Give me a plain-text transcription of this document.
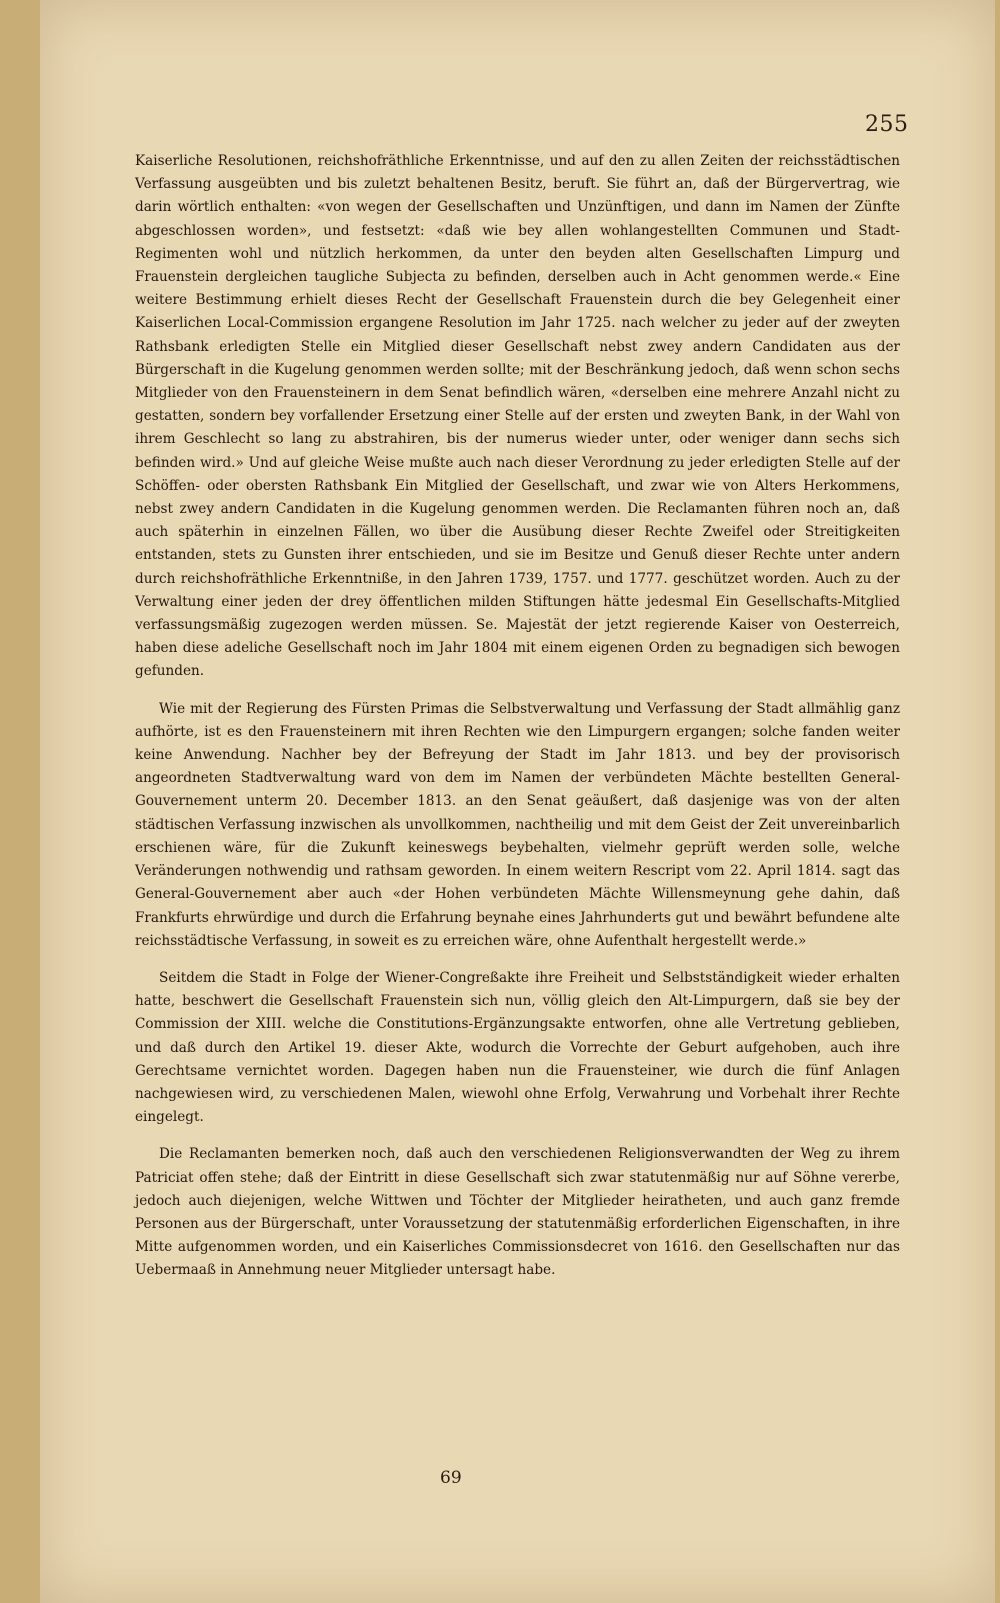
255

Kaiserliche Resolutionen, reichshofräthliche Erkenntnisse, und auf den zu allen Zeiten der reichsstädtischen Verfassung ausgeübten und bis zuletzt behaltenen Besitz, beruft. Sie führt an, daß der Bürgervertrag, wie darin wörtlich enthalten: «von wegen der Gesellschaften und Unzünftigen, und dann im Namen der Zünfte abgeschlossen worden», und festsetzt: «daß wie bey allen wohlangestellten Communen und Stadt-Regimenten wohl und nützlich herkommen, da unter den beyden alten Gesellschaften Limpurg und Frauenstein dergleichen taugliche Subjecta zu befinden, derselben auch in Acht genommen werde.« Eine weitere Bestimmung erhielt dieses Recht der Gesellschaft Frauenstein durch die bey Gelegenheit einer Kaiserlichen Local-Commission ergangene Resolution im Jahr 1725. nach welcher zu jeder auf der zweyten Rathsbank erledigten Stelle ein Mitglied dieser Gesellschaft nebst zwey andern Candidaten aus der Bürgerschaft in die Kugelung genommen werden sollte; mit der Beschränkung jedoch, daß wenn schon sechs Mitglieder von den Frauensteinern in dem Senat befindlich wären, «derselben eine mehrere Anzahl nicht zu gestatten, sondern bey vorfallender Ersetzung einer Stelle auf der ersten und zweyten Bank, in der Wahl von ihrem Geschlecht so lang zu abstrahiren, bis der numerus wieder unter, oder weniger dann sechs sich befinden wird.» Und auf gleiche Weise mußte auch nach dieser Verordnung zu jeder erledigten Stelle auf der Schöffen- oder obersten Rathsbank Ein Mitglied der Gesellschaft, und zwar wie von Alters Herkommens, nebst zwey andern Candidaten in die Kugelung genommen werden. Die Reclamanten führen noch an, daß auch späterhin in einzelnen Fällen, wo über die Ausübung dieser Rechte Zweifel oder Streitigkeiten entstanden, stets zu Gunsten ihrer entschieden, und sie im Besitze und Genuß dieser Rechte unter andern durch reichshofräthliche Erkenntniße, in den Jahren 1739, 1757. und 1777. geschützet worden. Auch zu der Verwaltung einer jeden der drey öffentlichen milden Stiftungen hätte jedesmal Ein Gesellschafts-Mitglied verfassungsmäßig zugezogen werden müssen. Se. Majestät der jetzt regierende Kaiser von Oesterreich, haben diese adeliche Gesellschaft noch im Jahr 1804 mit einem eigenen Orden zu begnadigen sich bewogen gefunden.

Wie mit der Regierung des Fürsten Primas die Selbstverwaltung und Verfassung der Stadt allmählig ganz aufhörte, ist es den Frauensteinern mit ihren Rechten wie den Limpurgern ergangen; solche fanden weiter keine Anwendung. Nachher bey der Befreyung der Stadt im Jahr 1813. und bey der provisorisch angeordneten Stadtverwaltung ward von dem im Namen der verbündeten Mächte bestellten General-Gouvernement unterm 20. December 1813. an den Senat geäußert, daß dasjenige was von der alten städtischen Verfassung inzwischen als unvollkommen, nachtheilig und mit dem Geist der Zeit unvereinbarlich erschienen wäre, für die Zukunft keineswegs beybehalten, vielmehr geprüft werden solle, welche Veränderungen nothwendig und rathsam geworden. In einem weitern Rescript vom 22. April 1814. sagt das General-Gouvernement aber auch «der Hohen verbündeten Mächte Willensmeynung gehe dahin, daß Frankfurts ehrwürdige und durch die Erfahrung beynahe eines Jahrhunderts gut und bewährt befundene alte reichsstädtische Verfassung, in soweit es zu erreichen wäre, ohne Aufenthalt hergestellt werde.»

Seitdem die Stadt in Folge der Wiener-Congreßakte ihre Freiheit und Selbstständigkeit wieder erhalten hatte, beschwert die Gesellschaft Frauenstein sich nun, völlig gleich den Alt-Limpurgern, daß sie bey der Commission der XIII. welche die Constitutions-Ergänzungsakte entworfen, ohne alle Vertretung geblieben, und daß durch den Artikel 19. dieser Akte, wodurch die Vorrechte der Geburt aufgehoben, auch ihre Gerechtsame vernichtet worden. Dagegen haben nun die Frauensteiner, wie durch die fünf Anlagen nachgewiesen wird, zu verschiedenen Malen, wiewohl ohne Erfolg, Verwahrung und Vorbehalt ihrer Rechte eingelegt.

Die Reclamanten bemerken noch, daß auch den verschiedenen Religionsverwandten der Weg zu ihrem Patriciat offen stehe; daß der Eintritt in diese Gesellschaft sich zwar statutenmäßig nur auf Söhne vererbe, jedoch auch diejenigen, welche Wittwen und Töchter der Mitglieder heiratheten, und auch ganz fremde Personen aus der Bürgerschaft, unter Voraussetzung der statutenmäßig erforderlichen Eigenschaften, in ihre Mitte aufgenommen worden, und ein Kaiserliches Commissionsdecret von 1616. den Gesellschaften nur das Uebermaaß in Annehmung neuer Mitglieder untersagt habe.

69
